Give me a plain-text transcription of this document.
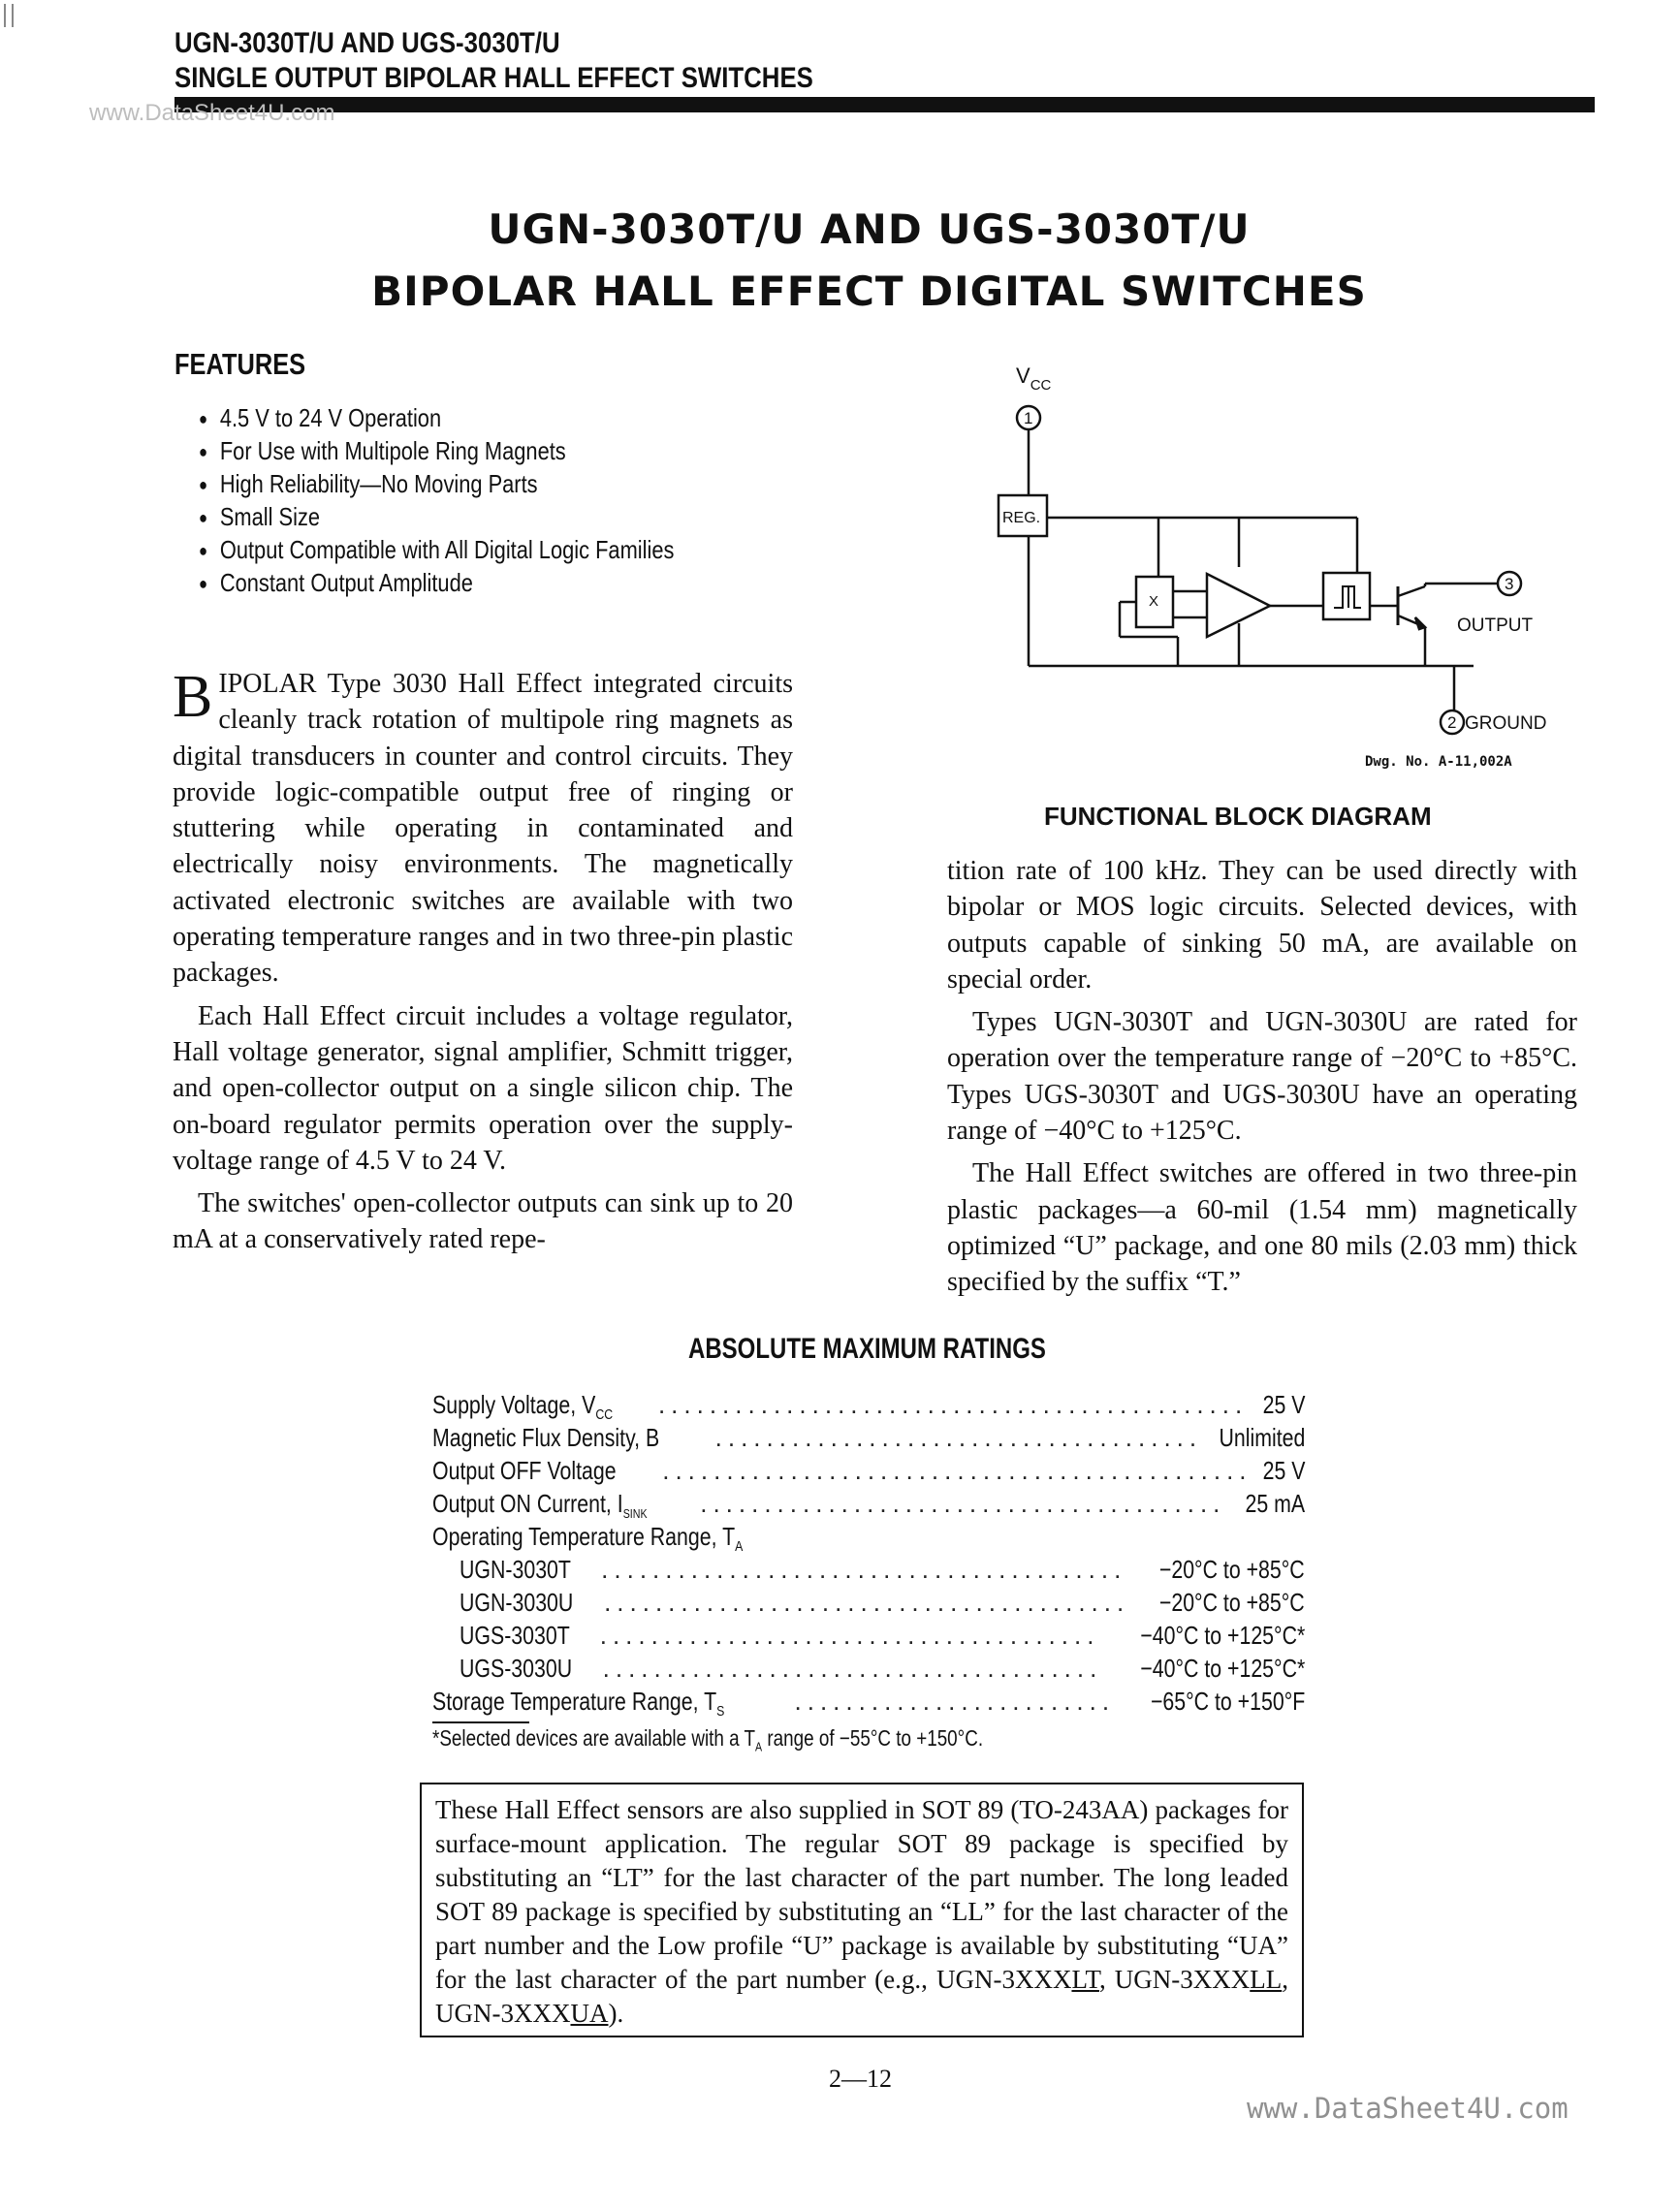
UGN-3030T/U AND UGS-3030T/U
SINGLE OUTPUT BIPOLAR HALL EFFECT SWITCHES
www.DataSheet4U.com
UGN-3030T/U AND UGS-3030T/U
BIPOLAR HALL EFFECT DIGITAL SWITCHES
FEATURES
● 4.5 V to 24 V Operation
● For Use with Multipole Ring Magnets
● High Reliability—No Moving Parts
● Small Size
● Output Compatible with All Digital Logic Families
● Constant Output Amplitude

BIPOLAR Type 3030 Hall Effect integrated circuits cleanly track rotation of multipole ring magnets as digital transducers in counter and control circuits. They provide logic-compatible output free of ringing or stuttering while operating in contaminated and electrically noisy environments. The magnetically activated electronic switches are available with two operating temperature ranges and in two three-pin plastic packages.

Each Hall Effect circuit includes a voltage regulator, Hall voltage generator, signal amplifier, Schmitt trigger, and open-collector output on a single silicon chip. The on-board regulator permits operation over the supply-voltage range of 4.5 V to 24 V.

The switches' open-collector outputs can sink up to 20 mA at a conservatively rated repe-

$V_{CC}$
1
REG.
X
3
OUTPUT
2 GROUND
Dwg. No. A-11,002A
FUNCTIONAL BLOCK DIAGRAM

tition rate of 100 kHz. They can be used directly with bipolar or MOS logic circuits. Selected devices, with outputs capable of sinking 50 mA, are available on special order.

Types UGN-3030T and UGN-3030U are rated for operation over the temperature range of −20°C to +85°C. Types UGS-3030T and UGS-3030U have an operating range of −40°C to +125°C.

The Hall Effect switches are offered in two three-pin plastic packages—a 60-mil (1.54 mm) magnetically optimized “U” package, and one 80 mils (2.03 mm) thick specified by the suffix “T.”

ABSOLUTE MAXIMUM RATINGS
Supply Voltage, $V_{CC}$ .....	25 V
Magnetic Flux Density, B .....	Unlimited
Output OFF Voltage .....	25 V
Output ON Current, $I_{SINK}$ .....	25 mA
Operating Temperature Range, $T_A$
UGN-3030T .....	−20°C to +85°C
UGN-3030U .....	−20°C to +85°C
UGS-3030T .....	−40°C to +125°C*
UGS-3030U .....	−40°C to +125°C*
Storage Temperature Range, $T_S$ .....	−65°C to +150°F
*Selected devices are available with a $T_A$ range of −55°C to +150°C.
These Hall Effect sensors are also supplied in SOT 89 (TO-243AA) packages for surface-mount application. The regular SOT 89 package is specified by substituting an “LT” for the last character of the part number. The long leaded SOT 89 package is specified by substituting an “LL” for the last character of the part number and the Low profile “U” package is available by substituting “UA” for the last character of the part number (e.g., UGN-3XXXLT, UGN-3XXXLL, UGN-3XXXUA).
2—12
www.DataSheet4U.com
